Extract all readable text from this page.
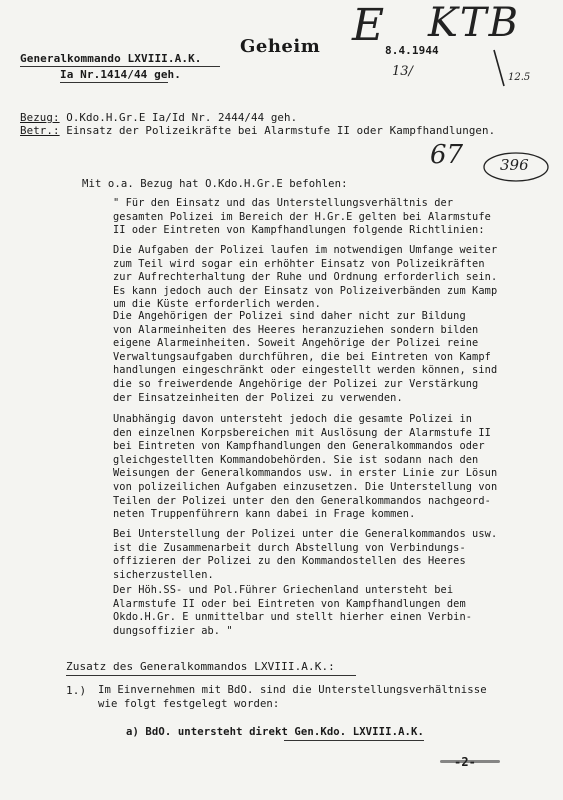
Generalkommando LXVIII.A.K.
Ia Nr.1414/44 geh.
Geheim	8.4.1944
E KTB
13/	12.5
Bezug: O.Kdo.H.Gr.E Ia/Id Nr. 2444/44 geh.
Betr.: Einsatz der Polizeikräfte bei Alarmstufe II oder Kampfhandlungen.
67 396
Mit o.a. Bezug hat O.Kdo.H.Gr.E befohlen:
" Für den Einsatz und das Unterstellungsverhältnis der
gesamten Polizei im Bereich der H.Gr.E gelten bei Alarmstufe
II oder Eintreten von Kampfhandlungen folgende Richtlinien:
Die Aufgaben der Polizei laufen im notwendigen Umfange weiter
zum Teil wird sogar ein erhöhter Einsatz von Polizeikräften
zur Aufrechterhaltung der Ruhe und Ordnung erforderlich sein.
Es kann jedoch auch der Einsatz von Polizeiverbänden zum Kamp
um die Küste erforderlich werden.
Die Angehörigen der Polizei sind daher nicht zur Bildung
von Alarmeinheiten des Heeres heranzuziehen sondern bilden
eigene Alarmeinheiten. Soweit Angehörige der Polizei reine
Verwaltungsaufgaben durchführen, die bei Eintreten von Kampf
handlungen eingeschränkt oder eingestellt werden können, sind
die so freiwerdende Angehörige der Polizei zur Verstärkung
der Einsatzeinheiten der Polizei zu verwenden.
Unabhängig davon untersteht jedoch die gesamte Polizei in
den einzelnen Korpsbereichen mit Auslösung der Alarmstufe II
bei Eintreten von Kampfhandlungen den Generalkommandos oder
gleichgestellten Kommandobehörden. Sie ist sodann nach den
Weisungen der Generalkommandos usw. in erster Linie zur Lösun
von polizeilichen Aufgaben einzusetzen. Die Unterstellung von
Teilen der Polizei unter den den Generalkommandos nachgeord-
neten Truppenführern kann dabei in Frage kommen.
Bei Unterstellung der Polizei unter die Generalkommandos usw.
ist die Zusammenarbeit durch Abstellung von Verbindungs-
offizieren der Polizei zu den Kommandostellen des Heeres
sicherzustellen.
Der Höh.SS- und Pol.Führer Griechenland untersteht bei
Alarmstufe II oder bei Eintreten von Kampfhandlungen dem
Okdo.H.Gr. E unmittelbar und stellt hierher einen Verbin-
dungsoffizier ab. "
Zusatz des Generalkommandos LXVIII.A.K.:
1.) Im Einvernehmen mit BdO. sind die Unterstellungsverhältnisse
wie folgt festgelegt worden:
a) BdO. untersteht direkt Gen.Kdo. LXVIII.A.K.
